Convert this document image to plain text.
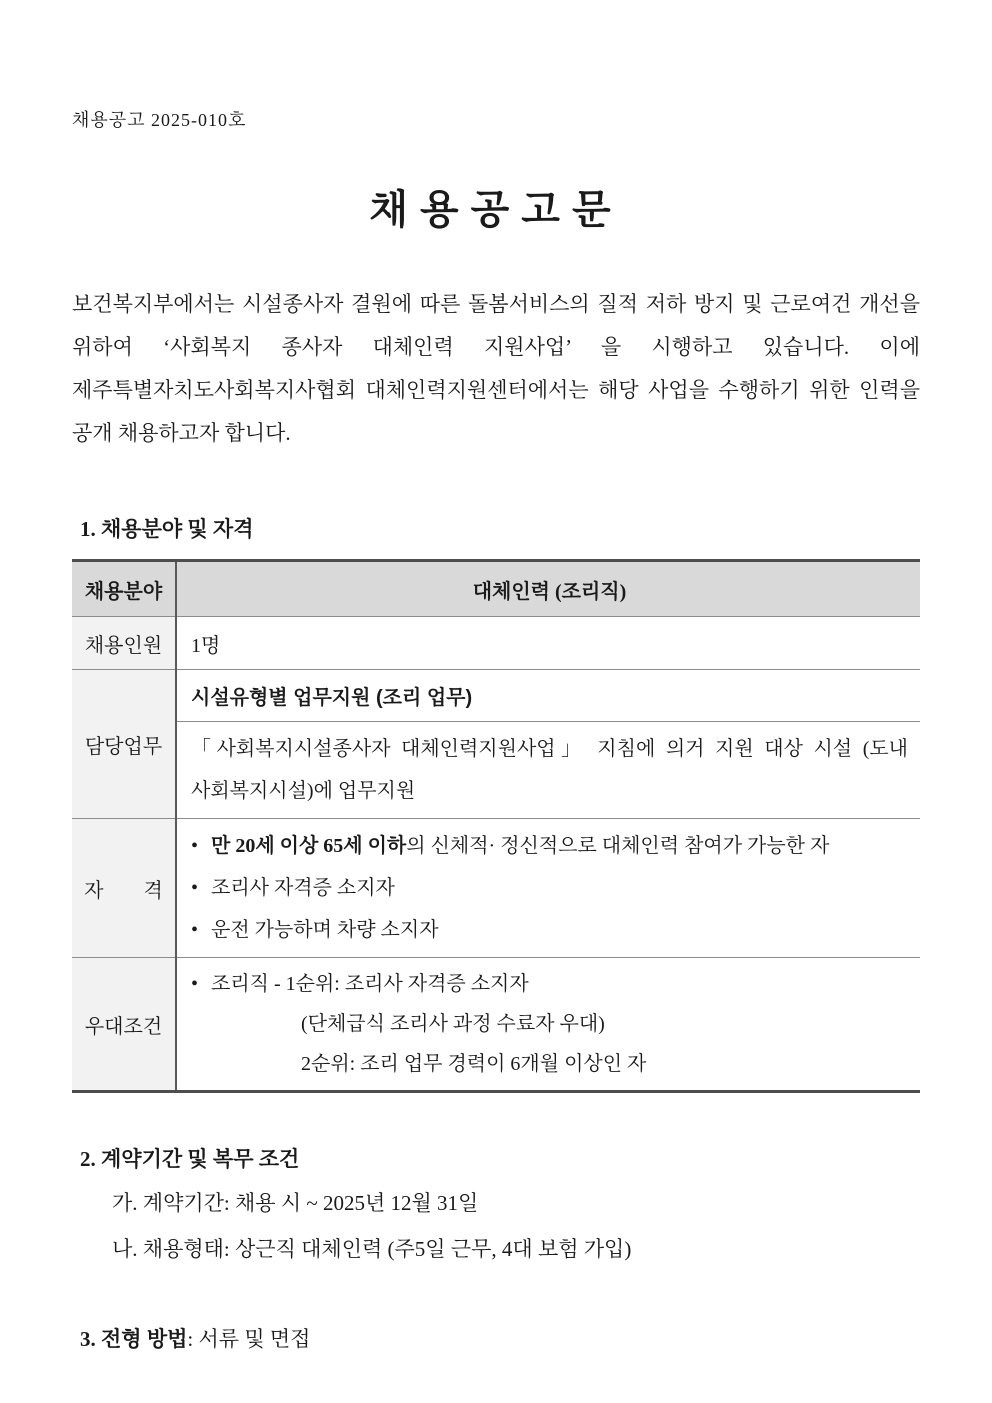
채용공고 2025-010호
채용공고문

보건복지부에서는 시설종사자 결원에 따른 돌봄서비스의 질적 저하 방지 및 근로여건 개선을 위하여 ‘사회복지 종사자 대체인력 지원사업’ 을 시행하고 있습니다. 이에 제주특별자치도사회복지사협회 대체인력지원센터에서는 해당 사업을 수행하기 위한 인력을 공개 채용하고자 합니다.

1. 채용분야 및 자격
채용분야	대체인력 (조리직)
채용인원	1명
담당업무	시설유형별 업무지원 (조리 업무)
	「사회복지시설종사자 대체인력지원사업」 지침에 의거 지원 대상 시설 (도내 사회복지시설)에 업무지원
자　　격	• 만 20세 이상 65세 이하의 신체적· 정신적으로 대체인력 참여가 가능한 자
• 조리사 자격증 소지자
• 운전 가능하며 차량 소지자

우대조건	• 조리직 - 1순위: 조리사 자격증 소지자
(단체급식 조리사 과정 수료자 우대)
2순위: 조리 업무 경력이 6개월 이상인 자
2. 계약기간 및 복무 조건
가. 계약기간: 채용 시 ~ 2025년 12월 31일
나. 채용형태: 상근직 대체인력 (주5일 근무, 4대 보험 가입)
3. 전형 방법: 서류 및 면접
